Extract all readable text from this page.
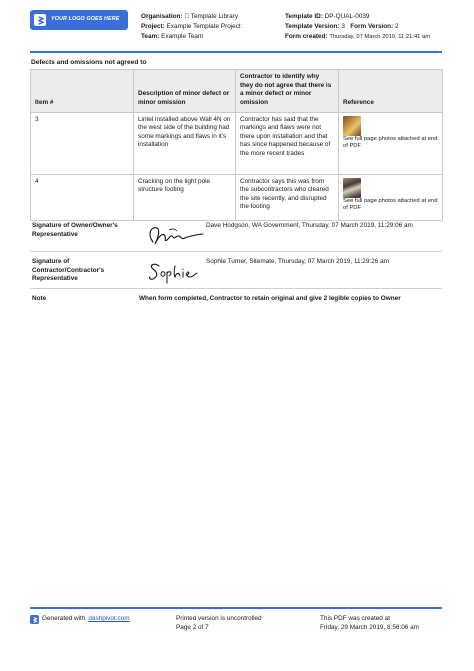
YOUR LOGO GOES HERE	Organisation:   Template Library
Project: Example Template Project
Team: Example Team
Template ID: DP-QUAL-0039
Template Version: 3 Form Version: 2
Form created: Thursday, 07 March 2019, 11:21:41 am
Defects and omissions not agreed to
Item #	Description of minor defect or minor omission	Contractor to identify why they do not agree that there is a minor defect or minor omission	Reference
3	Lintel installed above Wall 4N on the west side of the building had some markings and flaws in it's installation	Contractor has said that the markings and flaws were not there upon installation and that has since happened because of the more recent trades	See full page photos attached at end of PDF

4	Cracking on the light pole structure footing	Contractor says this was from the subcontractors who cleared the site recently, and disrupted the footing	See full page photos attached at end of PDF
Signature of Owner/Owner's Representative
Dave Hodgson, WA Government, Thursday, 07 March 2019, 11:29:06 am
Signature of Contractor/Contractor's Representative
Sophie Turner, Sitemate, Thursday, 07 March 2019, 11:29:26 am
Note	When form completed, Contractor to retain original and give 2 legible copies to Owner
Generated with dashpivot.com	Printed version is uncontrolled
Page 2 of 7
This PDF was created at
Friday, 29 March 2019, 8:56:06 am
